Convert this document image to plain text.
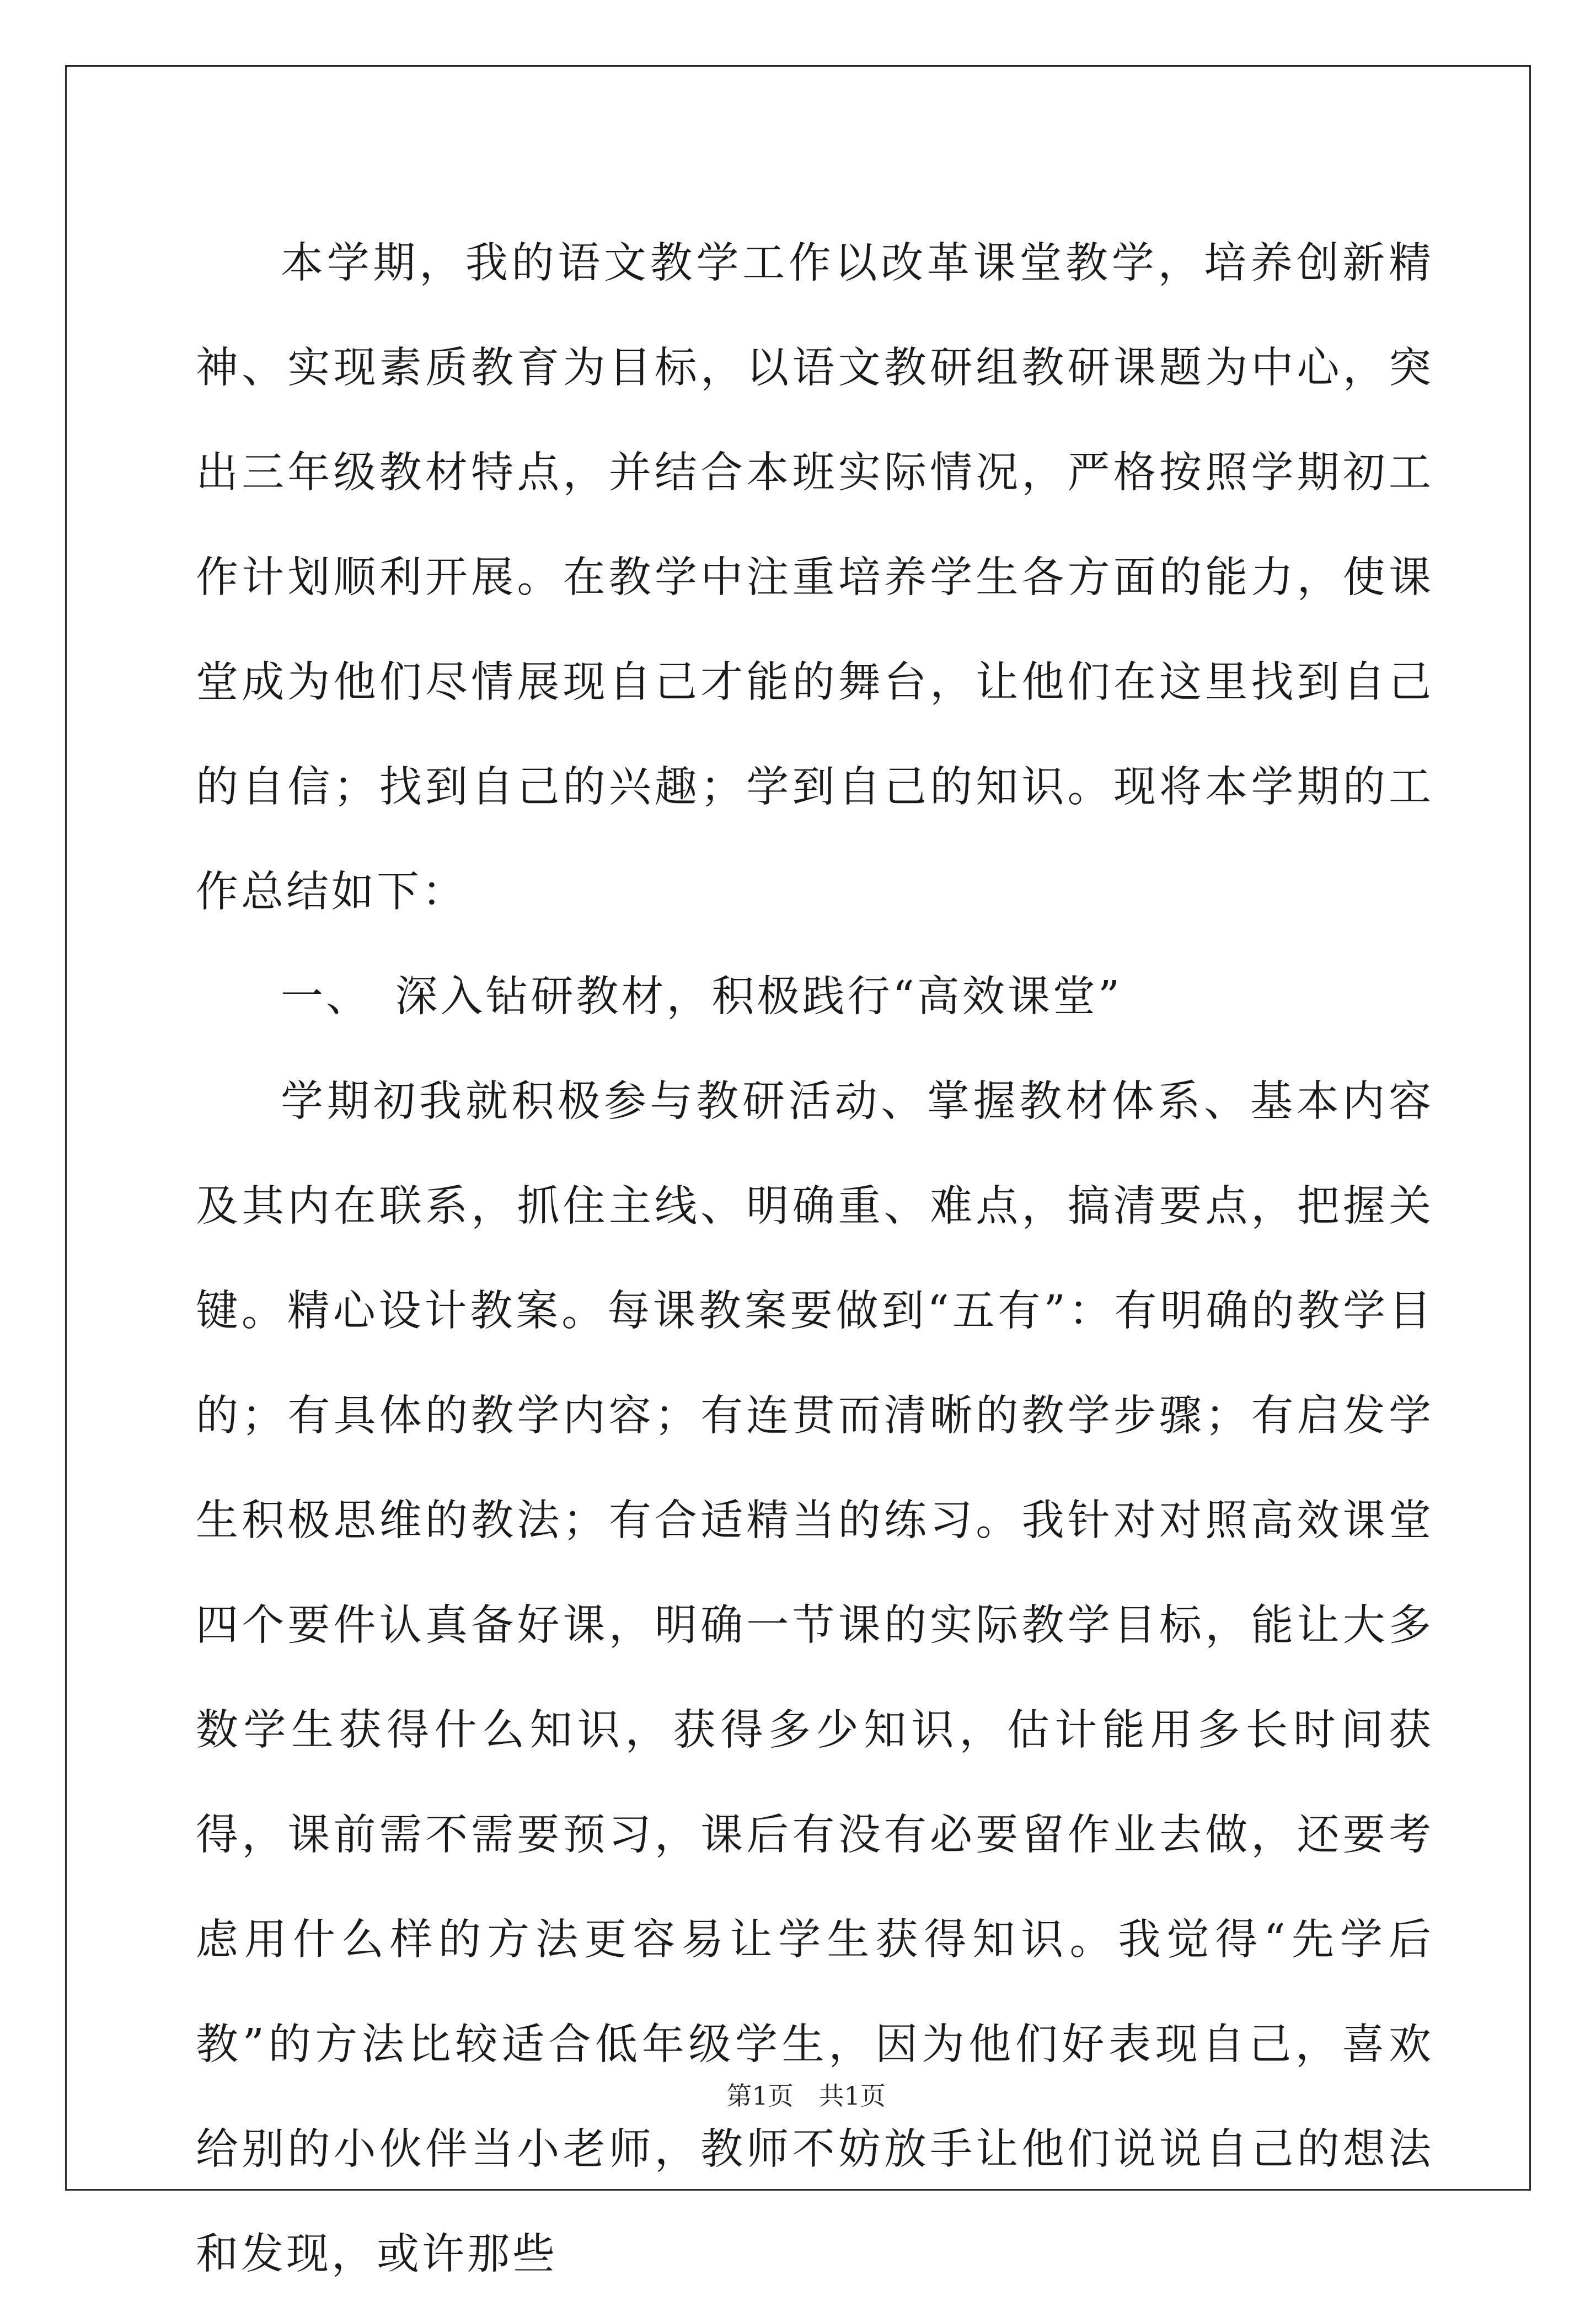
本学期，我的语文教学工作以改革课堂教学，培养创新精神、实现素质教育为目标，以语文教研组教研课题为中心，突出三年级教材特点，并结合本班实际情况，严格按照学期初工作计划顺利开展。在教学中注重培养学生各方面的能力，使课堂成为他们尽情展现自己才能的舞台，让他们在这里找到自己的自信；找到自己的兴趣；学到自己的知识。现将本学期的工作总结如下：

一、　深入钻研教材，积极践行“高效课堂”

学期初我就积极参与教研活动、掌握教材体系、基本内容及其内在联系，抓住主线、明确重、难点，搞清要点，把握关键。精心设计教案。每课教案要做到“五有”：有明确的教学目的；有具体的教学内容；有连贯而清晰的教学步骤；有启发学生积极思维的教法；有合适精当的练习。我针对对照高效课堂四个要件认真备好课，明确一节课的实际教学目标，能让大多数学生获得什么知识，获得多少知识，估计能用多长时间获得，课前需不需要预习，课后有没有必要留作业去做，还要考虑用什么样的方法更容易让学生获得知识。我觉得“先学后教”的方法比较适合低年级学生，因为他们好表现自己，喜欢给别的小伙伴当小老师，教师不妨放手让他们说说自己的想法和发现，或许那些

第1页　共1页
